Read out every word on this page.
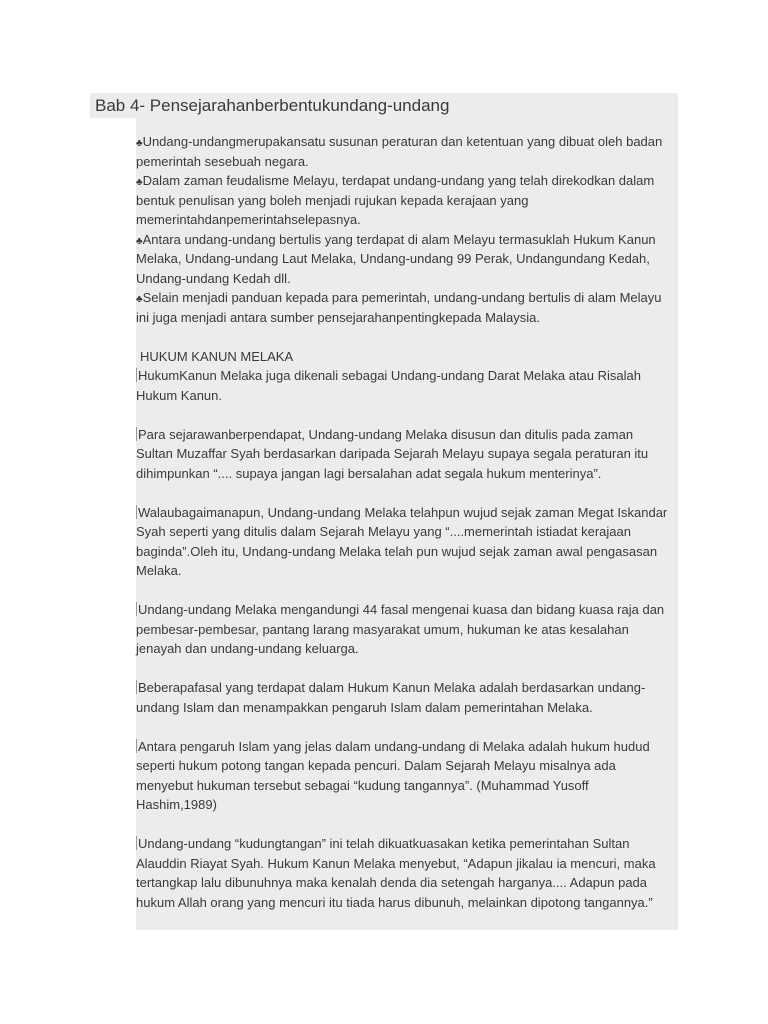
Bab 4- Pensejarahanberbentukundang-undang
♣Undang-undangmerupakansatu susunan peraturan dan ketentuan yang dibuat oleh badan
pemerintah sesebuah negara.
♣Dalam zaman feudalisme Melayu, terdapat undang-undang yang telah direkodkan dalam
bentuk penulisan yang boleh menjadi rujukan kepada kerajaan yang
memerintahdanpemerintahselepasnya.
♣Antara undang-undang bertulis yang terdapat di alam Melayu termasuklah Hukum Kanun
Melaka, Undang-undang Laut Melaka, Undang-undang 99 Perak, Undangundang Kedah,
Undang-undang Kedah dll.
♣Selain menjadi panduan kepada para pemerintah, undang-undang bertulis di alam Melayu
ini juga menjadi antara sumber pensejarahanpentingkepada Malaysia.
HUKUM KANUN MELAKA
HukumKanun Melaka juga dikenali sebagai Undang-undang Darat Melaka atau Risalah
Hukum Kanun.
Para sejarawanberpendapat, Undang-undang Melaka disusun dan ditulis pada zaman
Sultan Muzaffar Syah berdasarkan daripada Sejarah Melayu supaya segala peraturan itu
dihimpunkan “.... supaya jangan lagi bersalahan adat segala hukum menterinya”.
Walaubagaimanapun, Undang-undang Melaka telahpun wujud sejak zaman Megat Iskandar
Syah seperti yang ditulis dalam Sejarah Melayu yang “....memerintah istiadat kerajaan
baginda”.Oleh itu, Undang-undang Melaka telah pun wujud sejak zaman awal pengasasan
Melaka.
Undang-undang Melaka mengandungi 44 fasal mengenai kuasa dan bidang kuasa raja dan
pembesar-pembesar, pantang larang masyarakat umum, hukuman ke atas kesalahan
jenayah dan undang-undang keluarga.
Beberapafasal yang terdapat dalam Hukum Kanun Melaka adalah berdasarkan undang-
undang Islam dan menampakkan pengaruh Islam dalam pemerintahan Melaka.
Antara pengaruh Islam yang jelas dalam undang-undang di Melaka adalah hukum hudud
seperti hukum potong tangan kepada pencuri. Dalam Sejarah Melayu misalnya ada
menyebut hukuman tersebut sebagai “kudung tangannya”. (Muhammad Yusoff
Hashim,1989)
Undang-undang “kudungtangan” ini telah dikuatkuasakan ketika pemerintahan Sultan
Alauddin Riayat Syah. Hukum Kanun Melaka menyebut, “Adapun jikalau ia mencuri, maka
tertangkap lalu dibunuhnya maka kenalah denda dia setengah harganya.... Adapun pada
hukum Allah orang yang mencuri itu tiada harus dibunuh, melainkan dipotong tangannya.”
